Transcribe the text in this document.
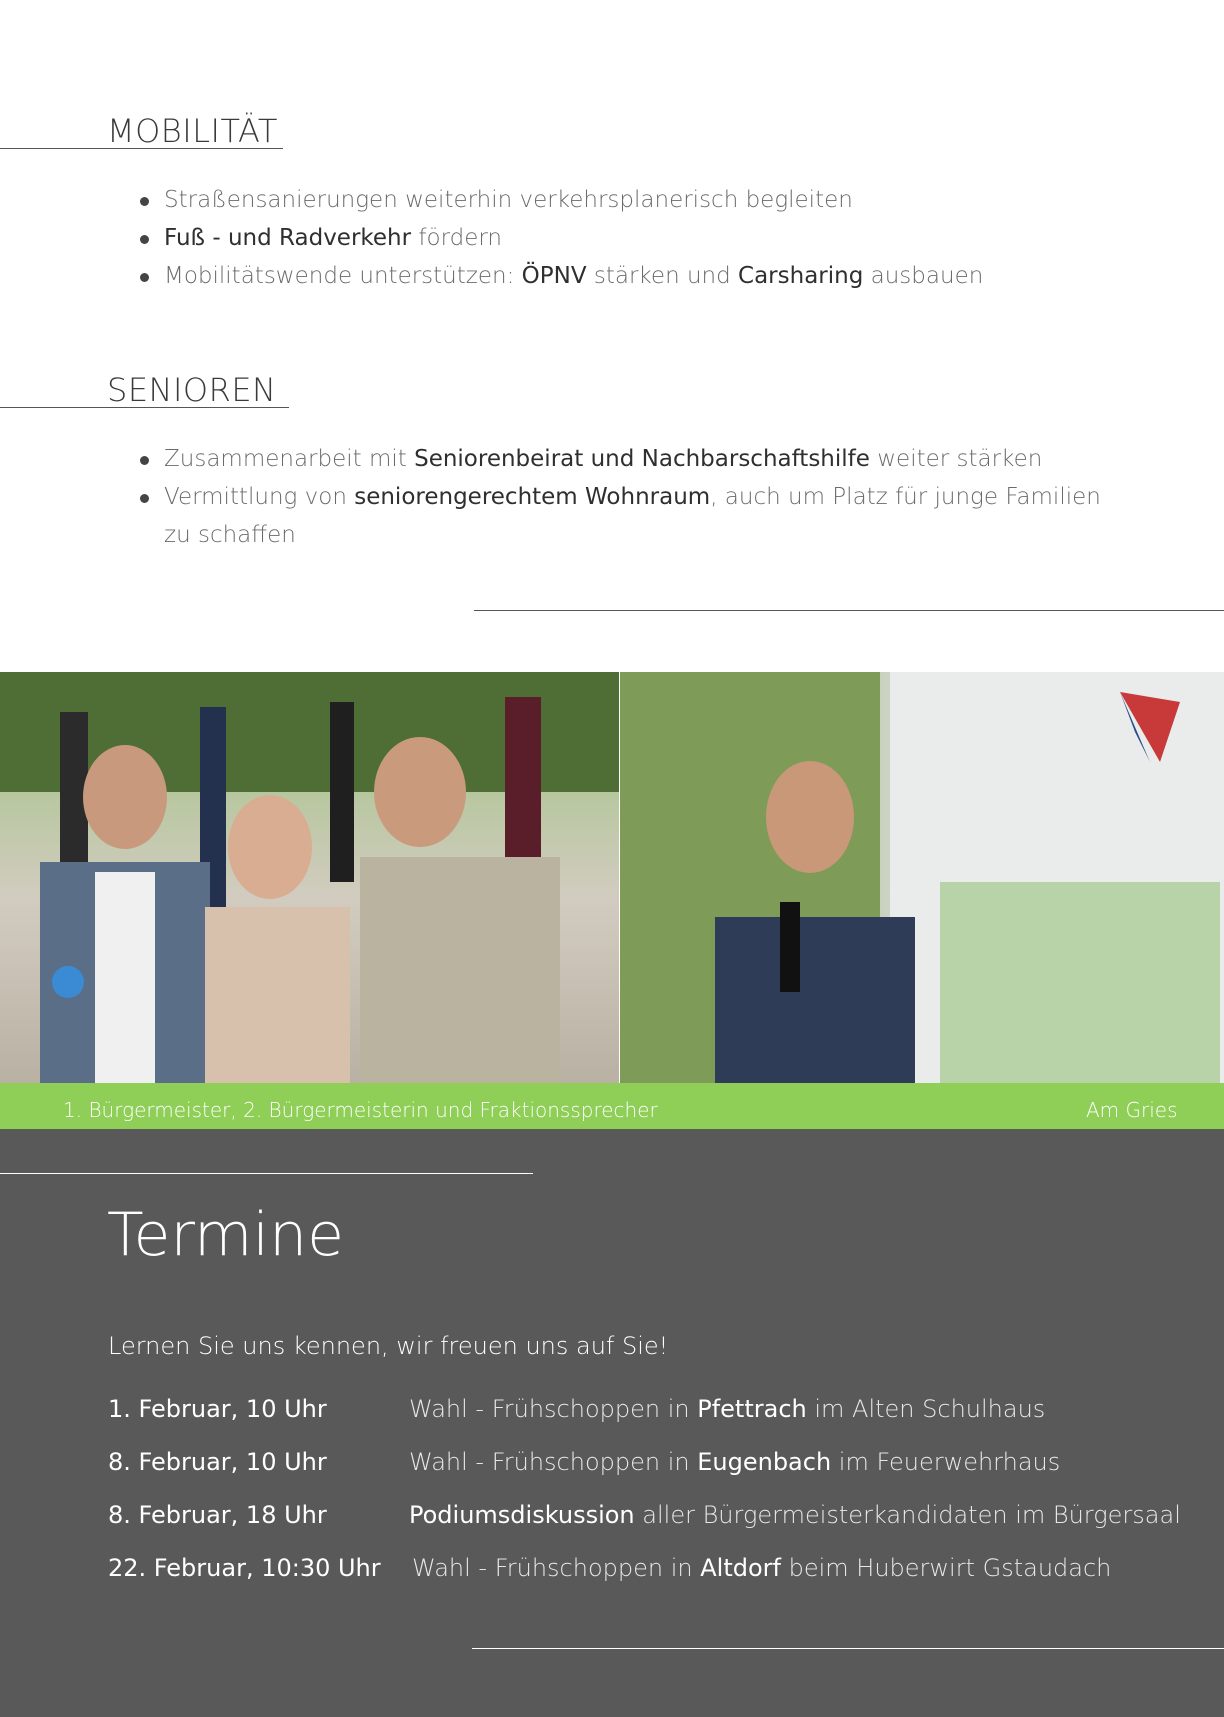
MOBILITÄT
Straßensanierungen weiterhin verkehrsplanerisch begleiten
Fuß - und Radverkehr fördern
Mobilitätswende unterstützen: ÖPNV stärken und Carsharing ausbauen
SENIOREN
Zusammenarbeit mit Seniorenbeirat und Nachbarschaftshilfe weiter stärken
Vermittlung von seniorengerechtem Wohnraum, auch um Platz für junge Familien zu schaffen
1. Bürgermeister, 2. Bürgermeisterin und Fraktionssprecher	Am Gries
Termine
Lernen Sie uns kennen, wir freuen uns auf Sie!
1. Februar, 10 Uhr	Wahl - Frühschoppen in Pfettrach im Alten Schulhaus
8. Februar, 10 Uhr	Wahl - Frühschoppen in Eugenbach im Feuerwehrhaus
8. Februar, 18 Uhr	Podiumsdiskussion aller Bürgermeisterkandidaten im Bürgersaal
22. Februar, 10:30 Uhr Wahl - Frühschoppen in Altdorf beim Huberwirt Gstaudach
